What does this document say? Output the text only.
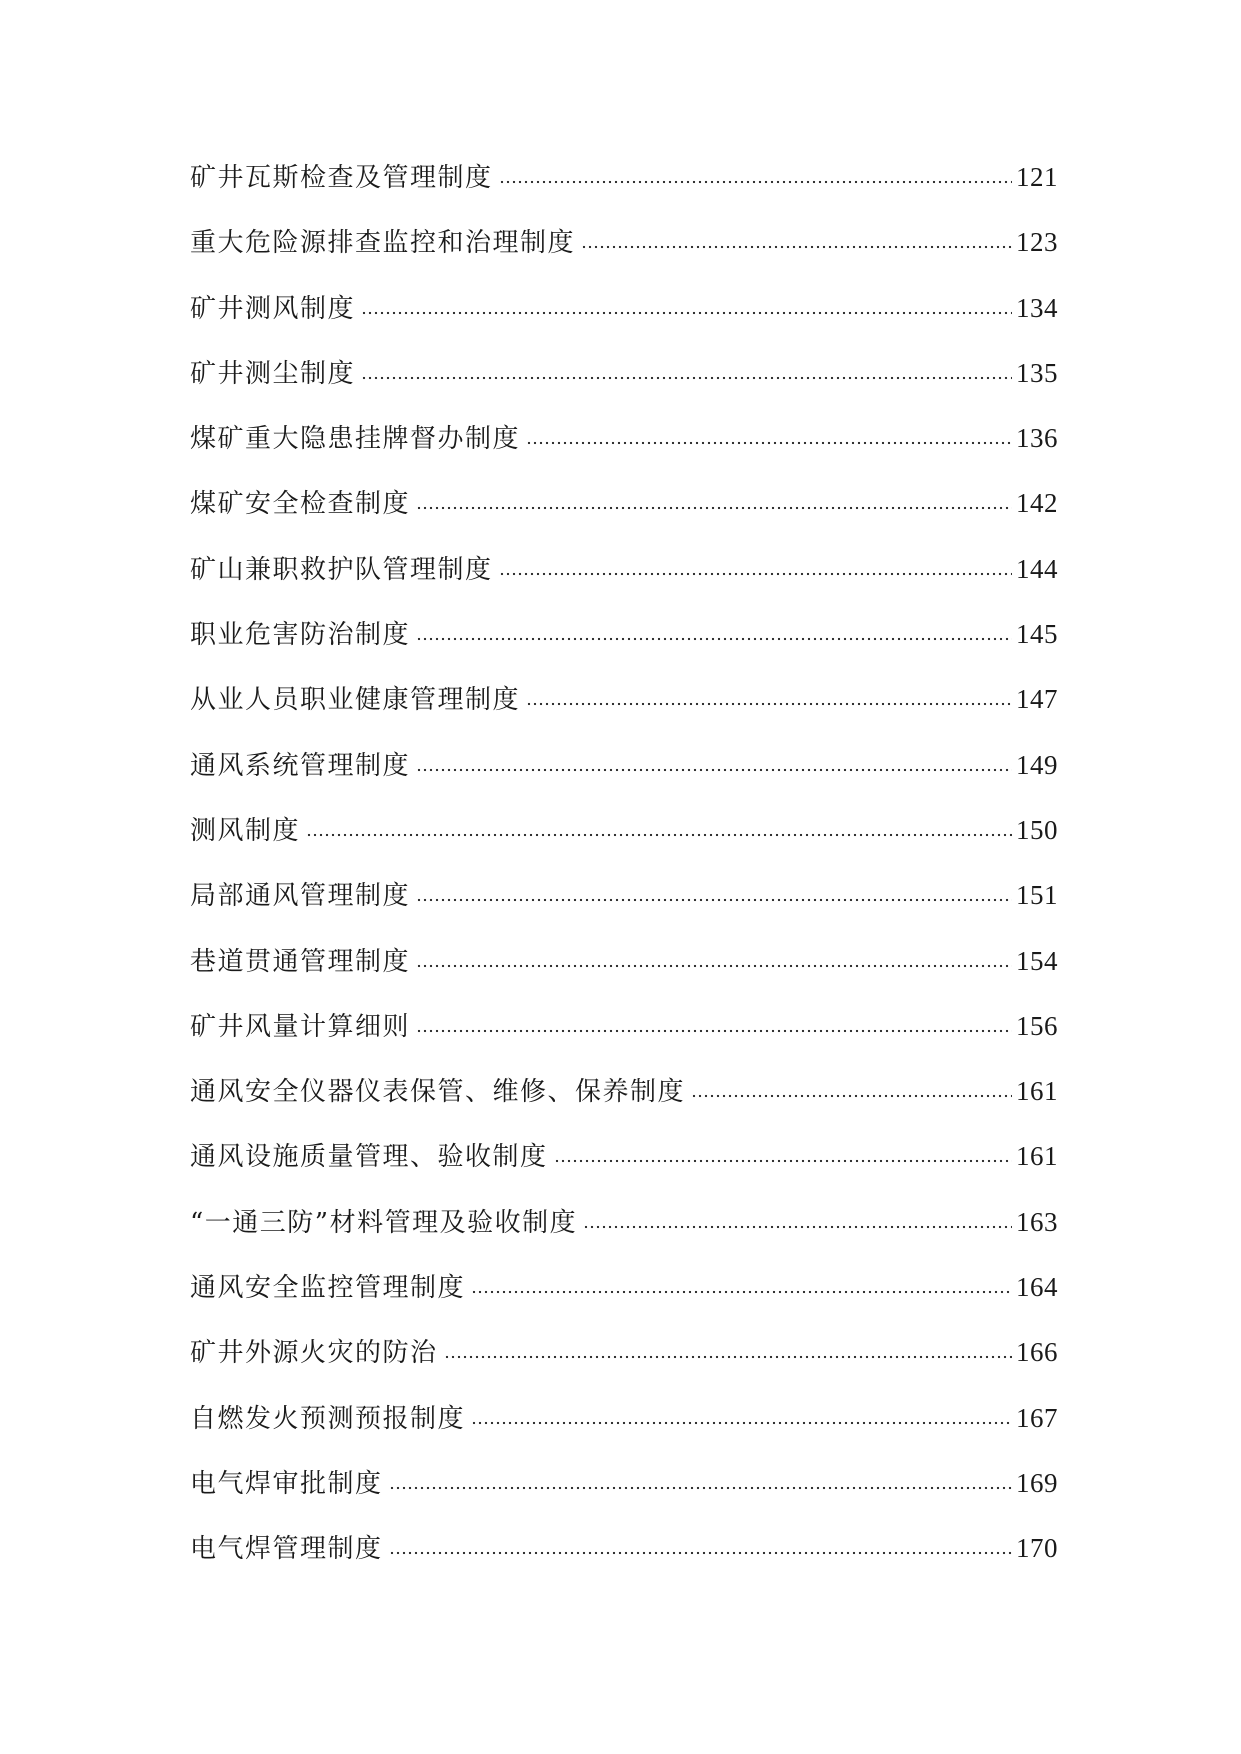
矿井瓦斯检查及管理制度	121
重大危险源排查监控和治理制度	123
矿井测风制度	134
矿井测尘制度	135
煤矿重大隐患挂牌督办制度	136
煤矿安全检查制度	142
矿山兼职救护队管理制度	144
职业危害防治制度	145
从业人员职业健康管理制度	147
通风系统管理制度	149
测风制度	150
局部通风管理制度	151
巷道贯通管理制度	154
矿井风量计算细则	156
通风安全仪器仪表保管、维修、保养制度	161
通风设施质量管理、验收制度	161
“一通三防”材料管理及验收制度	163
通风安全监控管理制度	164
矿井外源火灾的防治	166
自燃发火预测预报制度	167
电气焊审批制度	169
电气焊管理制度	170
